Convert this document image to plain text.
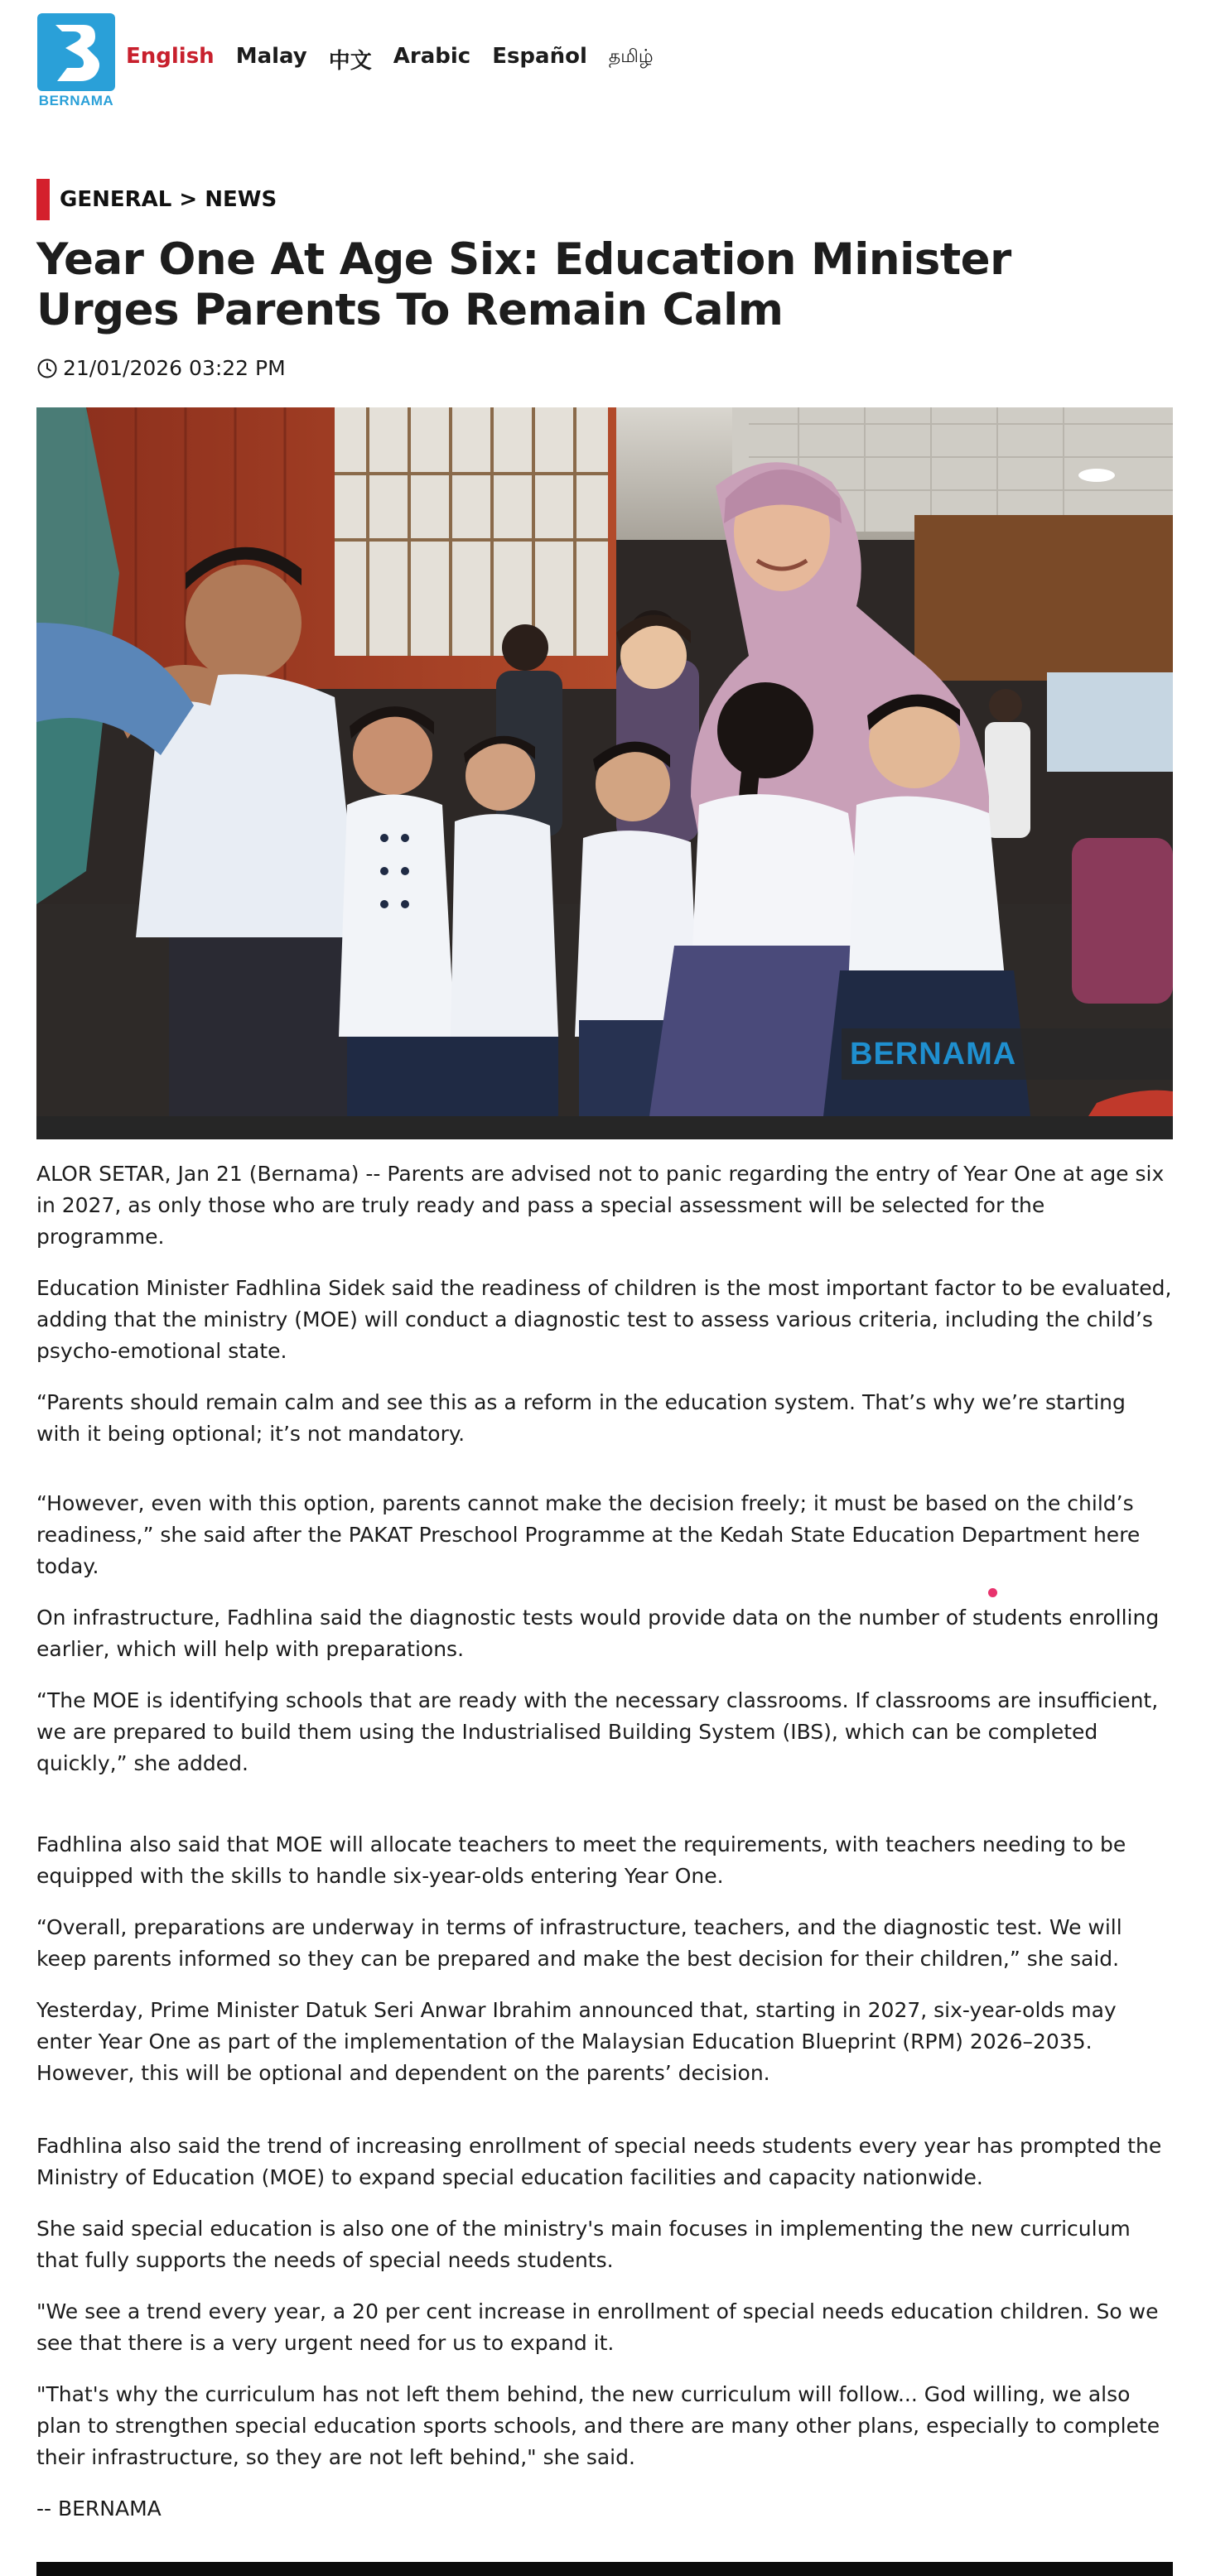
BERNAMA
English Malay 中文 Arabic Español தமிழ்
GENERAL > NEWS
Year One At Age Six: Education Minister Urges Parents To Remain Calm
21/01/2026 03:22 PM
BERNAMA

ALOR SETAR, Jan 21 (Bernama) -- Parents are advised not to panic regarding the entry of Year One at age six in 2027, as only those who are truly ready and pass a special assessment will be selected for the programme.

Education Minister Fadhlina Sidek said the readiness of children is the most important factor to be evaluated, adding that the ministry (MOE) will conduct a diagnostic test to assess various criteria, including the child’s psycho-emotional state.

“Parents should remain calm and see this as a reform in the education system. That’s why we’re starting with it being optional; it’s not mandatory.

“However, even with this option, parents cannot make the decision freely; it must be based on the child’s readiness,” she said after the PAKAT Preschool Programme at the Kedah State Education Department here today.

On infrastructure, Fadhlina said the diagnostic tests would provide data on the number of students enrolling earlier, which will help with preparations.

“The MOE is identifying schools that are ready with the necessary classrooms. If classrooms are insufficient, we are prepared to build them using the Industrialised Building System (IBS), which can be completed quickly,” she added.

Fadhlina also said that MOE will allocate teachers to meet the requirements, with teachers needing to be equipped with the skills to handle six-year-olds entering Year One.

“Overall, preparations are underway in terms of infrastructure, teachers, and the diagnostic test. We will keep parents informed so they can be prepared and make the best decision for their children,” she said.

Yesterday, Prime Minister Datuk Seri Anwar Ibrahim announced that, starting in 2027, six-year-olds may enter Year One as part of the implementation of the Malaysian Education Blueprint (RPM) 2026–2035. However, this will be optional and dependent on the parents’ decision.

Fadhlina also said the trend of increasing enrollment of special needs students every year has prompted the Ministry of Education (MOE) to expand special education facilities and capacity nationwide.

She said special education is also one of the ministry's main focuses in implementing the new curriculum that fully supports the needs of special needs students.

"We see a trend every year, a 20 per cent increase in enrollment of special needs education children. So we see that there is a very urgent need for us to expand it.

"That's why the curriculum has not left them behind, the new curriculum will follow... God willing, we also plan to strengthen special education sports schools, and there are many other plans, especially to complete their infrastructure, so they are not left behind," she said.

-- BERNAMA
